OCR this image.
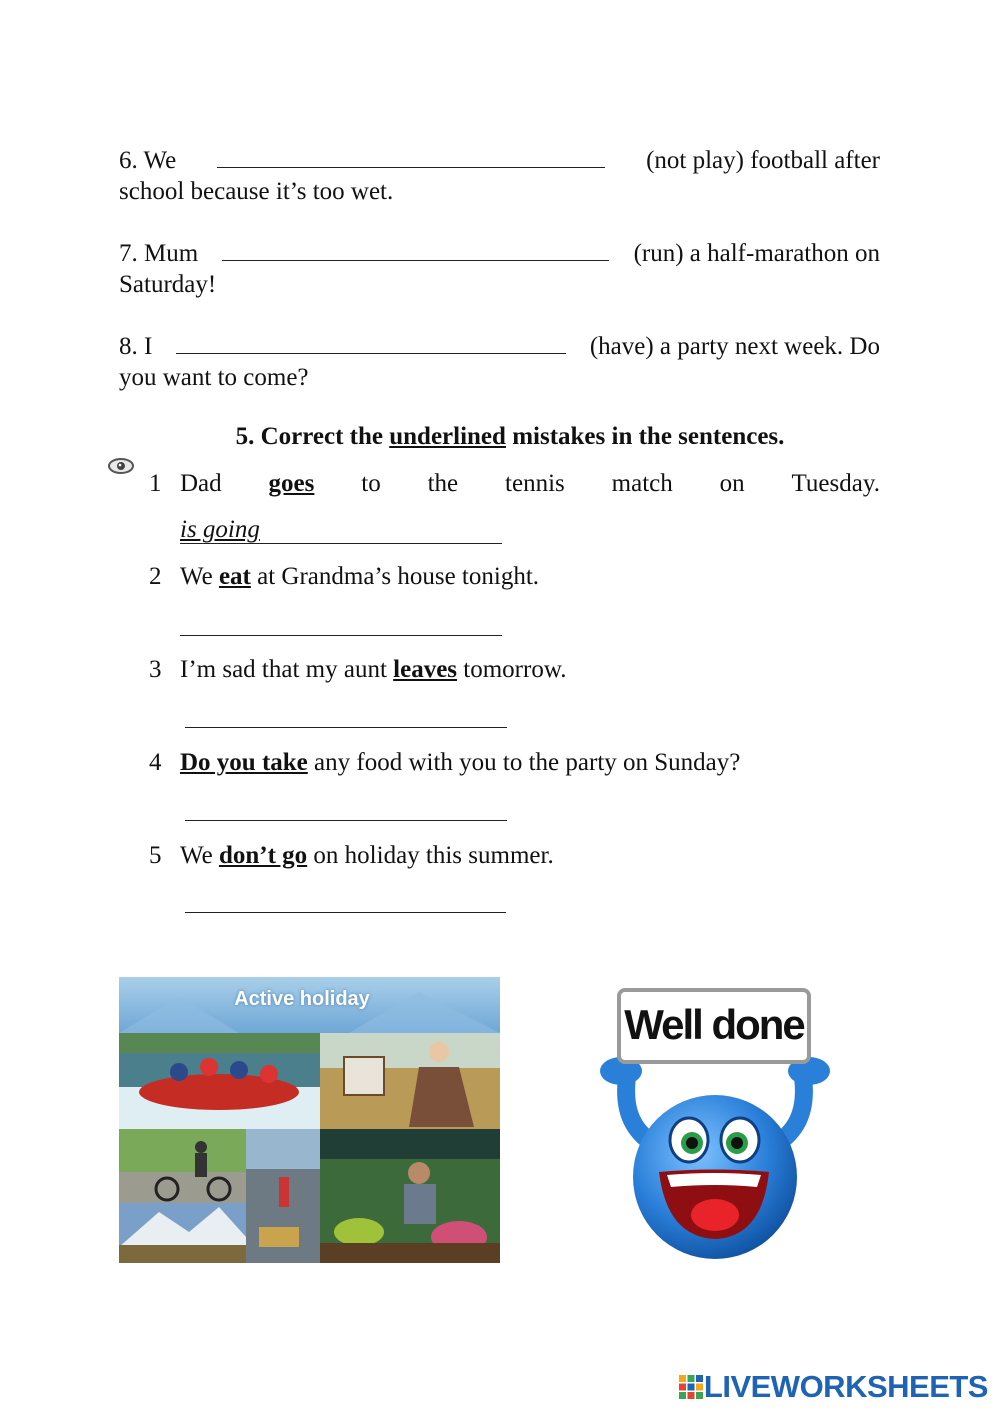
6. We	(not play) football after
school because it’s too wet.
7. Mum	(run) a half-marathon on
Saturday!
8. I	(have) a party next week. Do
you want to come?
5. Correct the underlined mistakes in the sentences.
1 Dad goes to the tennis match on Tuesday.
is going
2 We eat at Grandma’s house tonight.
3 I’m sad that my aunt leaves tomorrow.
4 Do you take any food with you to the party on Sunday?
5 We don’t go on holiday this summer.
Active holiday
Well done
LIVEWORKSHEETS
